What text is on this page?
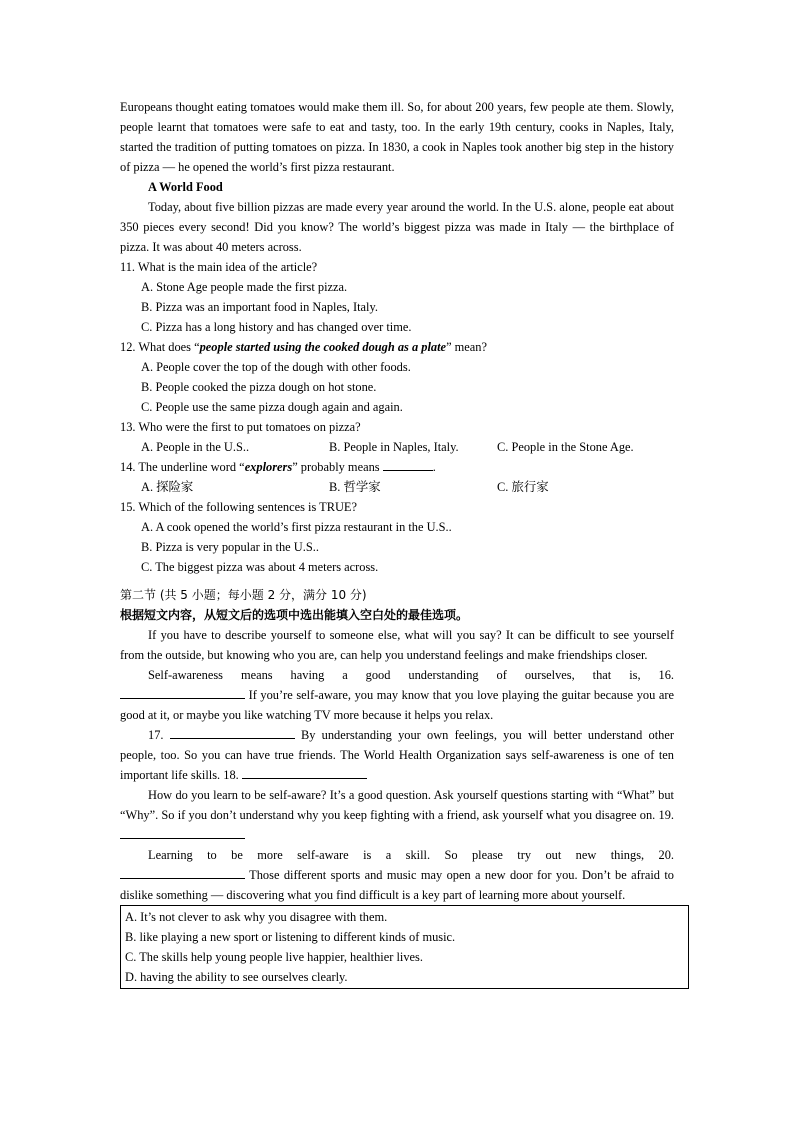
Europeans thought eating tomatoes would make them ill. So, for about 200 years, few people ate them. Slowly, people learnt that tomatoes were safe to eat and tasty, too. In the early 19th century, cooks in Naples, Italy, started the tradition of putting tomatoes on pizza. In 1830, a cook in Naples took another big step in the history of pizza — he opened the world’s first pizza restaurant.

A World Food

Today, about five billion pizzas are made every year around the world. In the U.S. alone, people eat about 350 pieces every second! Did you know? The world’s biggest pizza was made in Italy — the birthplace of pizza. It was about 40 meters across.

11. What is the main idea of the article?

A. Stone Age people made the first pizza.

B. Pizza was an important food in Naples, Italy.

C. Pizza has a long history and has changed over time.

12. What does “people started using the cooked dough as a plate” mean?

A. People cover the top of the dough with other foods.

B. People cooked the pizza dough on hot stone.

C. People use the same pizza dough again and again.

13. Who were the first to put tomatoes on pizza?

A. People in the U.S..	B. People in Naples, Italy.	C. People in the Stone Age.

14. The underline word “explorers” probably means	.

A. 探险家	B. 哲学家	C. 旅行家

15. Which of the following sentences is TRUE?

A. A cook opened the world’s first pizza restaurant in the U.S..

B. Pizza is very popular in the U.S..

C. The biggest pizza was about 4 meters across.

第二节 (共 5 小题；每小题 2 分，满分 10 分)

根据短文内容，从短文后的选项中选出能填入空白处的最佳选项。

If you have to describe yourself to someone else, what will you say? It can be difficult to see yourself from the outside, but knowing who you are, can help you understand feelings and make friendships closer.

Self-awareness means having a good understanding of ourselves, that is, 16.

If you’re self-aware, you may know that you love playing the guitar because you are good at it, or maybe you like watching TV more because it helps you relax.

17.	By understanding your own feelings, you will better understand other people, too. So you can have true friends. The World Health Organization says self-awareness is one of ten important life skills. 18.

How do you learn to be self-aware? It’s a good question. Ask yourself questions starting with “What” but “Why”. So if you don’t understand why you keep fighting with a friend, ask yourself what you disagree on. 19.

Learning to be more self-aware is a skill. So please try out new things, 20.

Those different sports and music may open a new door for you. Don’t be afraid to dislike something — discovering what you find difficult is a key part of learning more about yourself.

A. It’s not clever to ask why you disagree with them.
B. like playing a new sport or listening to different kinds of music.
C. The skills help young people live happier, healthier lives.
D. having the ability to see ourselves clearly.
